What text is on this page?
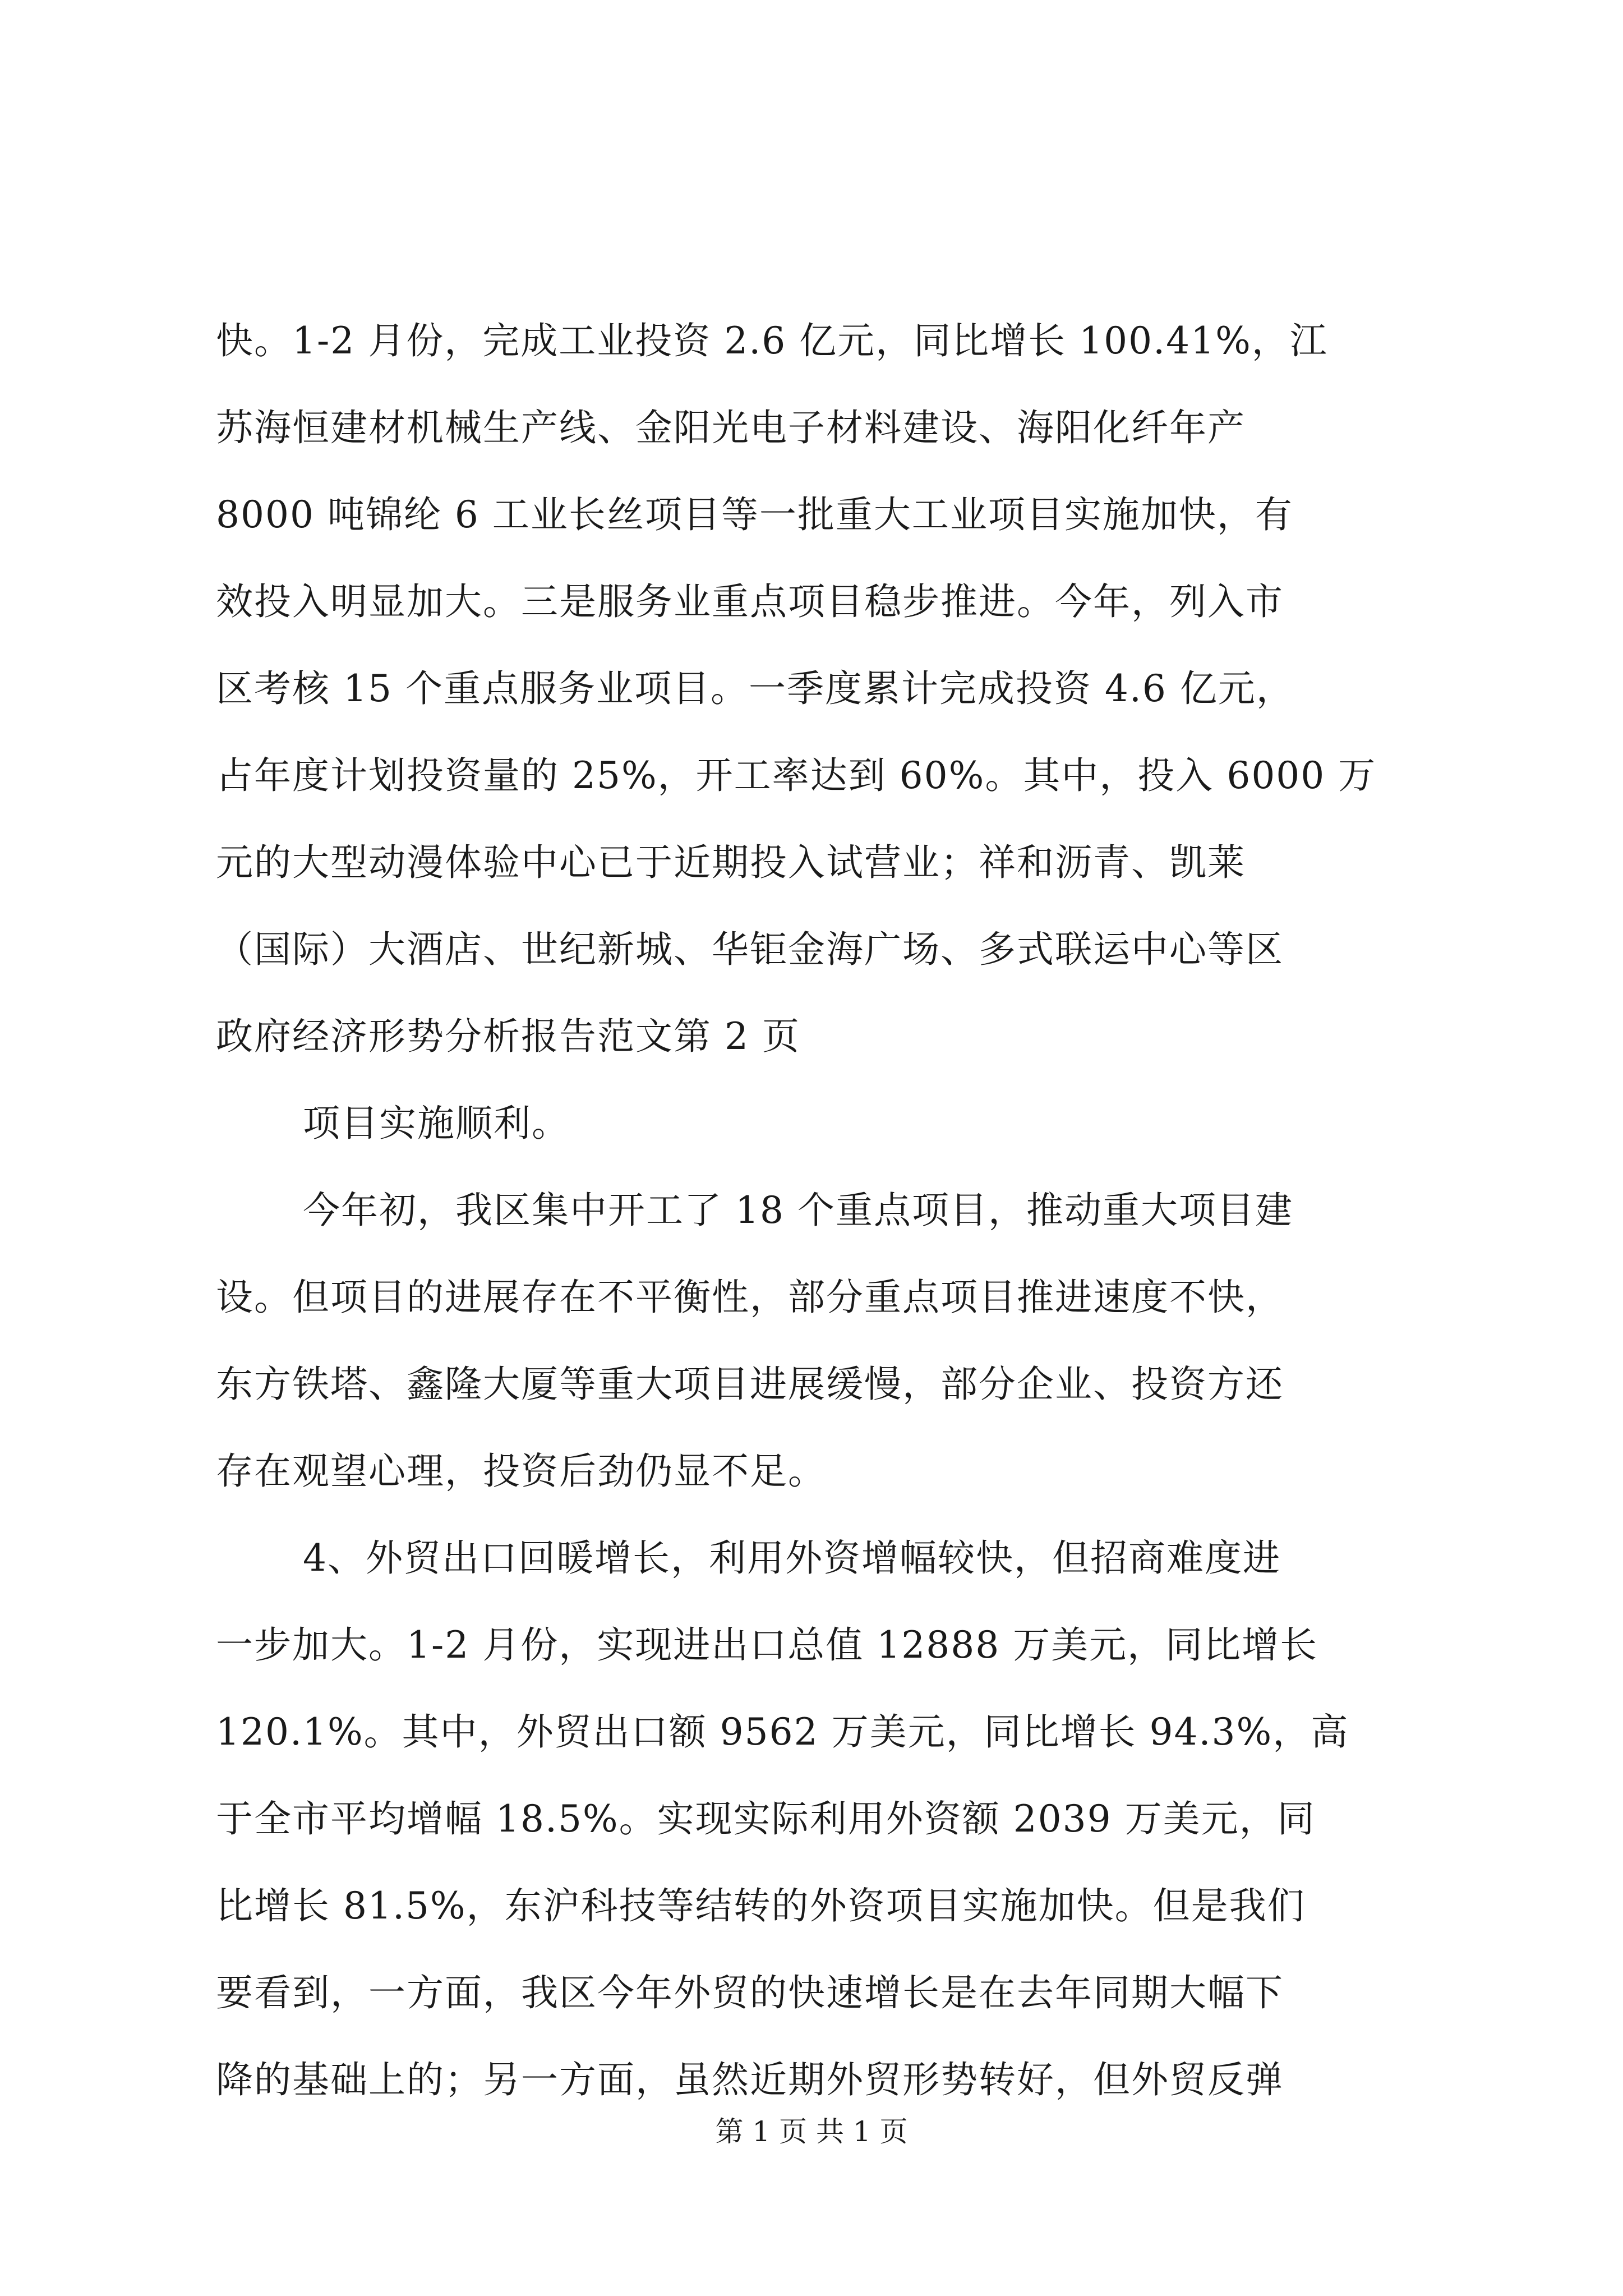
快。1-2 月份，完成工业投资 2.6 亿元，同比增长 100.41%，江
苏海恒建材机械生产线、金阳光电子材料建设、海阳化纤年产
8000 吨锦纶 6 工业长丝项目等一批重大工业项目实施加快，有
效投入明显加大。三是服务业重点项目稳步推进。今年，列入市
区考核 15 个重点服务业项目。一季度累计完成投资 4.6 亿元，
占年度计划投资量的 25%，开工率达到 60%。其中，投入 6000 万
元的大型动漫体验中心已于近期投入试营业；祥和沥青、凯莱
（国际）大酒店、世纪新城、华钜金海广场、多式联运中心等区
政府经济形势分析报告范文第 2 页
项目实施顺利。
今年初，我区集中开工了 18 个重点项目，推动重大项目建
设。但项目的进展存在不平衡性，部分重点项目推进速度不快，
东方铁塔、鑫隆大厦等重大项目进展缓慢，部分企业、投资方还
存在观望心理，投资后劲仍显不足。
4、外贸出口回暖增长，利用外资增幅较快，但招商难度进
一步加大。1-2 月份，实现进出口总值 12888 万美元，同比增长
120.1%。其中，外贸出口额 9562 万美元，同比增长 94.3%，高
于全市平均增幅 18.5%。实现实际利用外资额 2039 万美元，同
比增长 81.5%，东沪科技等结转的外资项目实施加快。但是我们
要看到，一方面，我区今年外贸的快速增长是在去年同期大幅下
降的基础上的；另一方面，虽然近期外贸形势转好，但外贸反弹
第 1 页 共 1 页
